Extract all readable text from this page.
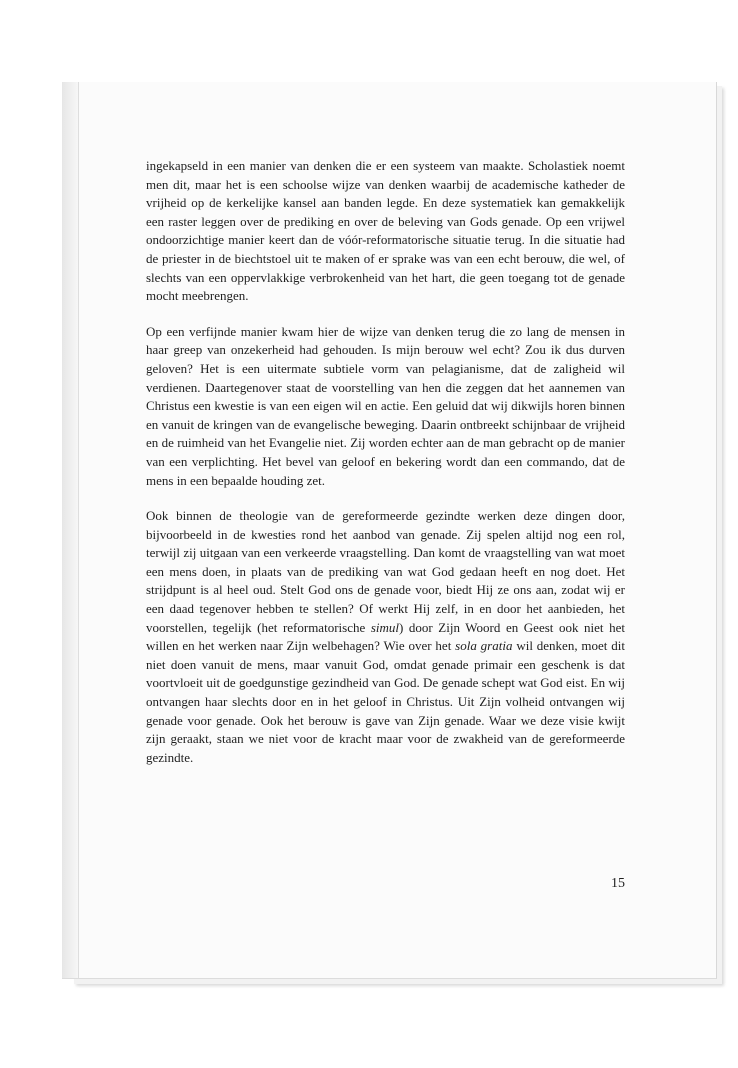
ingekapseld in een manier van denken die er een systeem van maakte. Scholastiek noemt men dit, maar het is een schoolse wijze van denken waarbij de academische katheder de vrijheid op de kerkelijke kansel aan banden legde. En deze systematiek kan gemakkelijk een raster leggen over de prediking en over de beleving van Gods genade. Op een vrijwel ondoorzichtige manier keert dan de vóór-reformatorische situatie terug. In die situatie had de priester in de biechtstoel uit te maken of er sprake was van een echt berouw, die wel, of slechts van een oppervlakkige verbrokenheid van het hart, die geen toegang tot de genade mocht meebrengen.

Op een verfijnde manier kwam hier de wijze van denken terug die zo lang de mensen in haar greep van onzekerheid had gehouden. Is mijn berouw wel echt? Zou ik dus durven geloven? Het is een uitermate subtiele vorm van pelagianisme, dat de zaligheid wil verdienen. Daartegenover staat de voorstelling van hen die zeggen dat het aannemen van Christus een kwestie is van een eigen wil en actie. Een geluid dat wij dikwijls horen binnen en vanuit de kringen van de evangelische beweging. Daarin ontbreekt schijnbaar de vrijheid en de ruimheid van het Evangelie niet. Zij worden echter aan de man gebracht op de manier van een verplichting. Het bevel van geloof en bekering wordt dan een commando, dat de mens in een bepaalde houding zet.

Ook binnen de theologie van de gereformeerde gezindte werken deze dingen door, bijvoorbeeld in de kwesties rond het aanbod van genade. Zij spelen altijd nog een rol, terwijl zij uitgaan van een verkeerde vraagstelling. Dan komt de vraagstelling van wat moet een mens doen, in plaats van de prediking van wat God gedaan heeft en nog doet. Het strijdpunt is al heel oud. Stelt God ons de genade voor, biedt Hij ze ons aan, zodat wij er een daad tegenover hebben te stellen? Of werkt Hij zelf, in en door het aanbieden, het voorstellen, tegelijk (het reformatorische simul) door Zijn Woord en Geest ook niet het willen en het werken naar Zijn welbehagen? Wie over het sola gratia wil denken, moet dit niet doen vanuit de mens, maar vanuit God, omdat genade primair een geschenk is dat voortvloeit uit de goedgunstige gezindheid van God. De genade schept wat God eist. En wij ontvangen haar slechts door en in het geloof in Christus. Uit Zijn volheid ontvangen wij genade voor genade. Ook het berouw is gave van Zijn genade. Waar we deze visie kwijt zijn geraakt, staan we niet voor de kracht maar voor de zwakheid van de gereformeerde gezindte.

15
